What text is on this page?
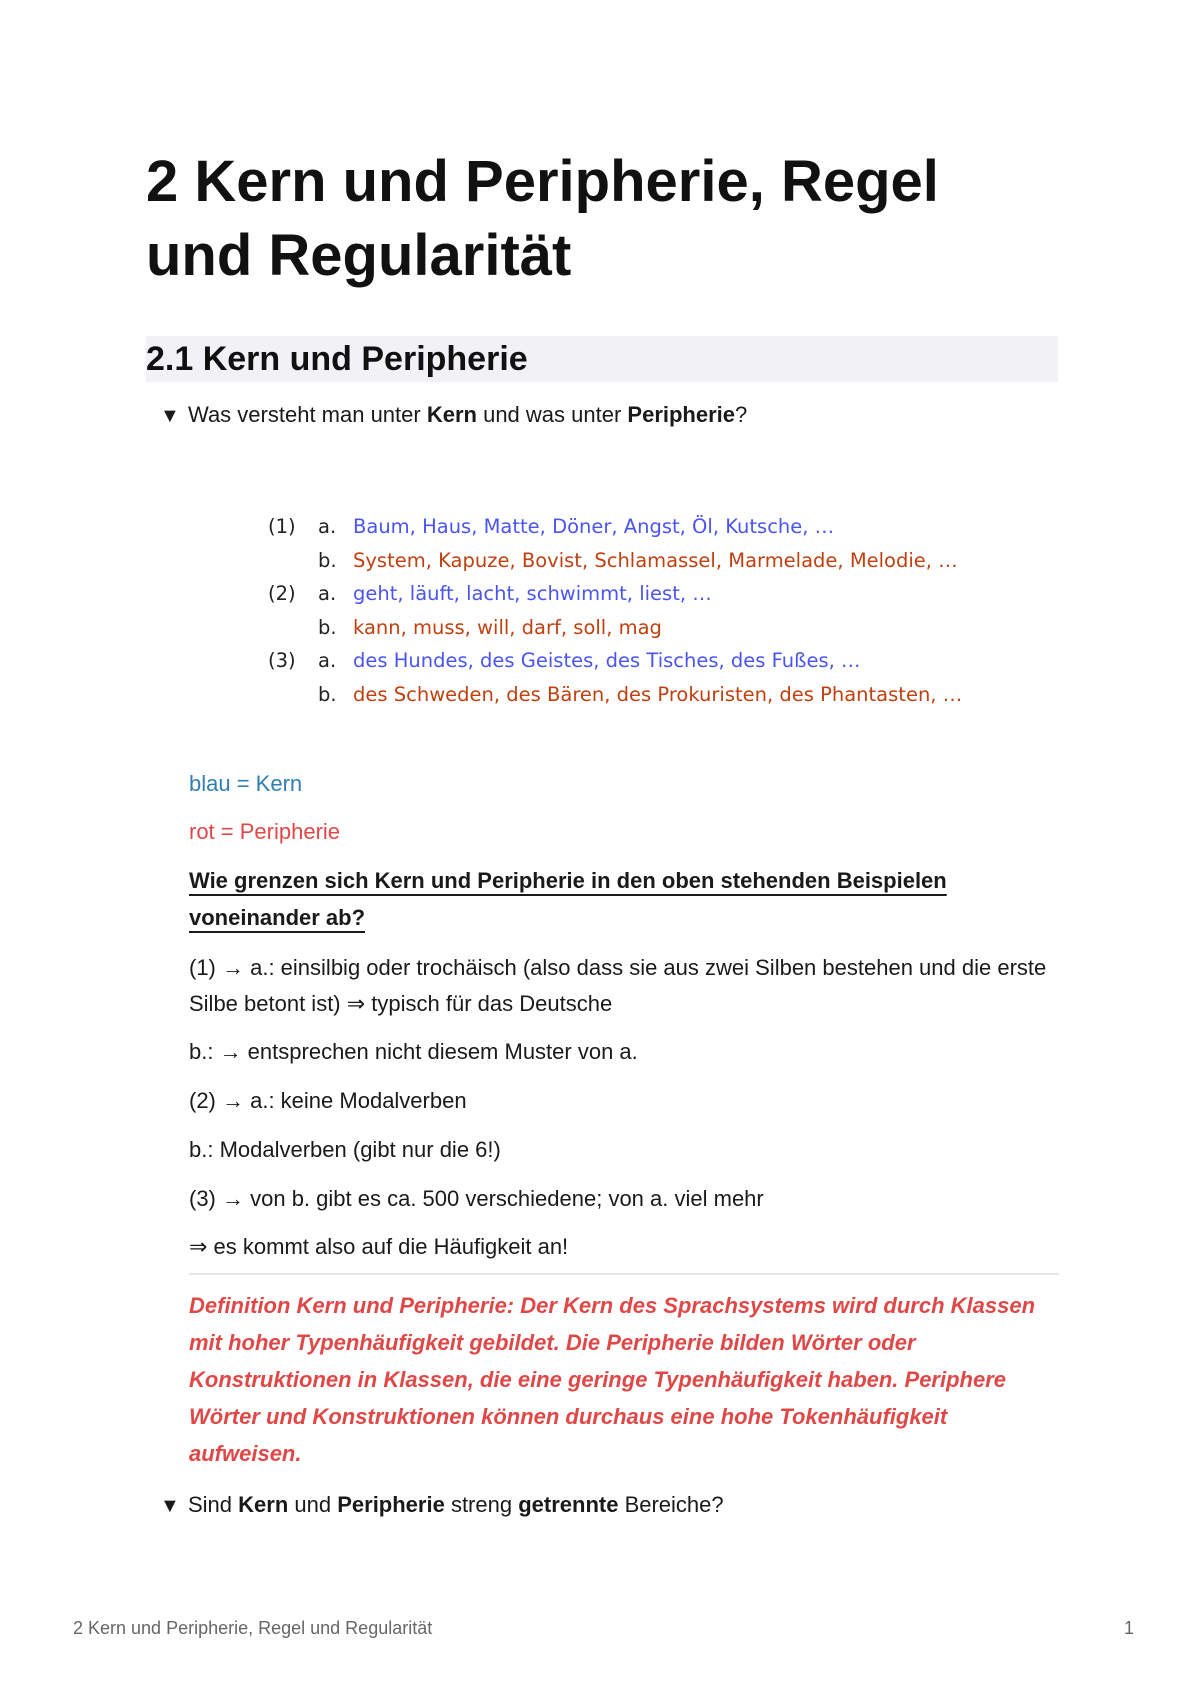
2 Kern und Peripherie, Regel und Regularität
2.1 Kern und Peripherie
▼ Was versteht man unter Kern und was unter Peripherie?
(1) a. Baum, Haus, Matte, Döner, Angst, Öl, Kutsche, …
b. System, Kapuze, Bovist, Schlamassel, Marmelade, Melodie, …
(2) a. geht, läuft, lacht, schwimmt, liest, …
b. kann, muss, will, darf, soll, mag
(3) a. des Hundes, des Geistes, des Tisches, des Fußes, …
b. des Schweden, des Bären, des Prokuristen, des Phantasten, …
blau = Kern
rot = Peripherie
Wie grenzen sich Kern und Peripherie in den oben stehenden Beispielen voneinander ab?
(1) → a.: einsilbig oder trochäisch (also dass sie aus zwei Silben bestehen und die erste Silbe betont ist) ⇒ typisch für das Deutsche
b.: → entsprechen nicht diesem Muster von a.
(2) → a.: keine Modalverben
b.: Modalverben (gibt nur die 6!)
(3) → von b. gibt es ca. 500 verschiedene; von a. viel mehr
⇒ es kommt also auf die Häufigkeit an!
Definition Kern und Peripherie: Der Kern des Sprachsystems wird durch Klassen mit hoher Typenhäufigkeit gebildet. Die Peripherie bilden Wörter oder Konstruktionen in Klassen, die eine geringe Typenhäufigkeit haben. Periphere Wörter und Konstruktionen können durchaus eine hohe Tokenhäufigkeit aufweisen.
▼ Sind Kern und Peripherie streng getrennte Bereiche?
2 Kern und Peripherie, Regel und Regularität	1
